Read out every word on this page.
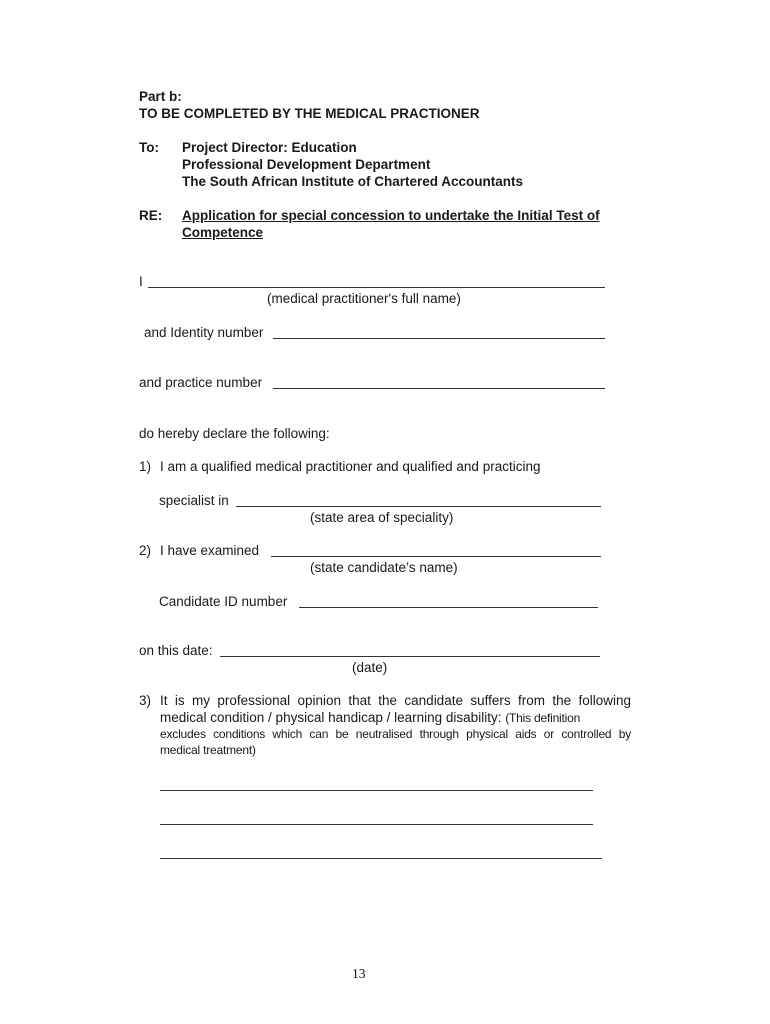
Part b:
TO BE COMPLETED BY THE MEDICAL PRACTIONER
To: Project Director: Education
Professional Development Department
The South African Institute of Chartered Accountants
RE: Application for special concession to undertake the Initial Test of
Competence
I
(medical practitioner's full name)
and Identity number
and practice number
do hereby declare the following:
1) I am a qualified medical practitioner and qualified and practicing
specialist in
(state area of speciality)
2) I have examined
(state candidate’s name)
Candidate ID number
on this date:
(date)
3) It is my professional opinion that the candidate suffers from the following
medical condition / physical handicap / learning disability: (This definition
excludes conditions which can be neutralised through physical aids or controlled by
medical treatment)
13
